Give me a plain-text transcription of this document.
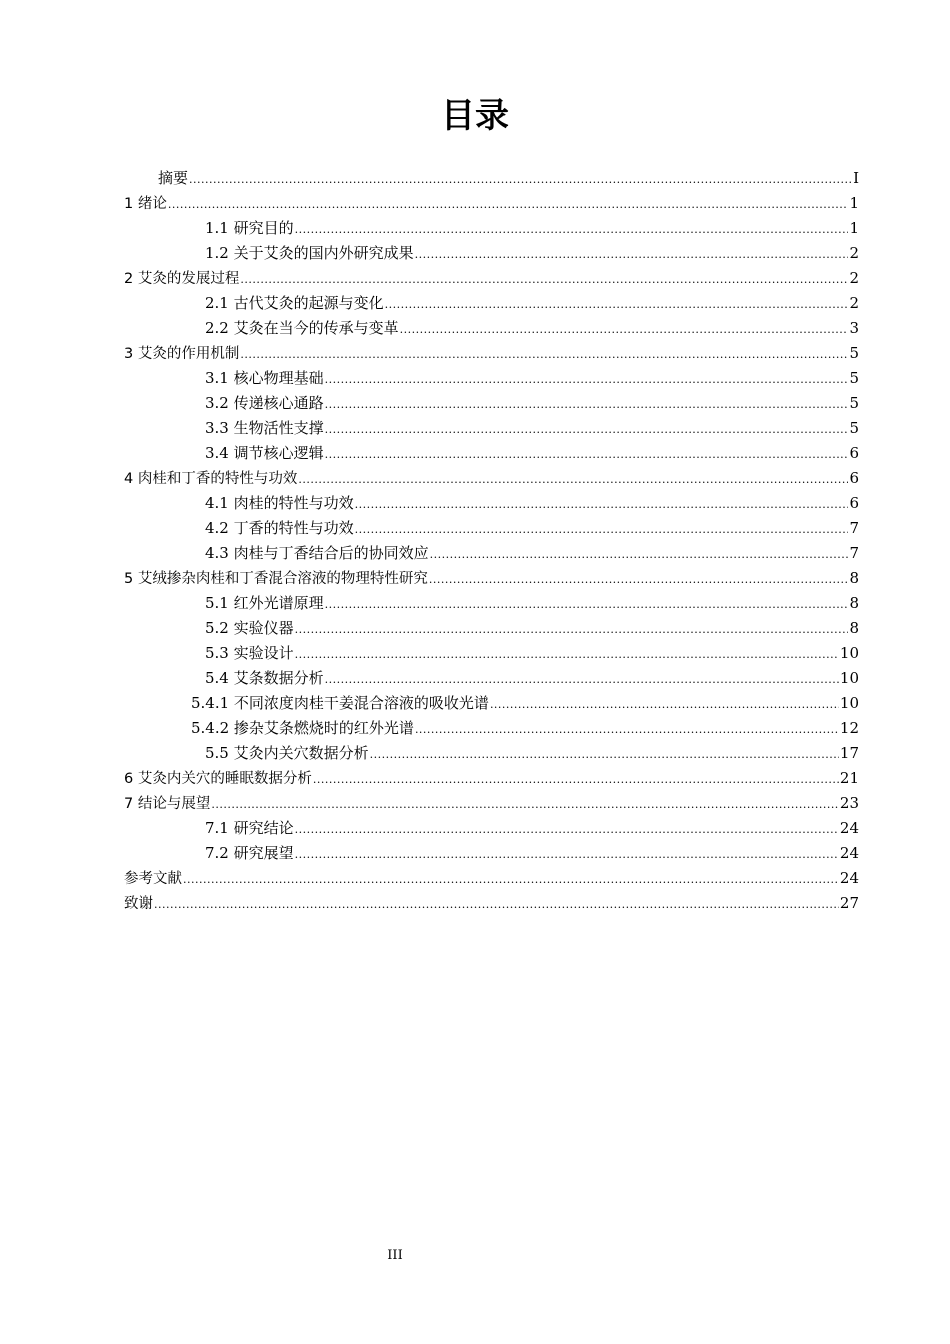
目录
摘要 .....	I
1 绪论 .....	1
1.1 研究目的 .....	1
1.2 关于艾灸的国内外研究成果 .....	2
2 艾灸的发展过程 .....	2
2.1 古代艾灸的起源与变化 .....	2
2.2 艾灸在当今的传承与变革 .....	3
3 艾灸的作用机制 .....	5
3.1 核心物理基础 .....	5
3.2 传递核心通路 .....	5
3.3 生物活性支撑 .....	5
3.4 调节核心逻辑 .....	6
4 肉桂和丁香的特性与功效 .....	6
4.1 肉桂的特性与功效 .....	6
4.2 丁香的特性与功效 .....	7
4.3 肉桂与丁香结合后的协同效应 .....	7
5 艾绒掺杂肉桂和丁香混合溶液的物理特性研究 .....	8
5.1 红外光谱原理 .....	8
5.2 实验仪器 .....	8
5.3 实验设计 .....	10
5.4 艾条数据分析 .....	10
5.4.1 不同浓度肉桂干姜混合溶液的吸收光谱 .....	10
5.4.2 掺杂艾条燃烧时的红外光谱 .....	12
5.5 艾灸内关穴数据分析 .....	17
6 艾灸内关穴的睡眠数据分析 .....	21
7 结论与展望 .....	23
7.1 研究结论 .....	24
7.2 研究展望 .....	24
参考文献 .....	24
致谢 .....	27
III
